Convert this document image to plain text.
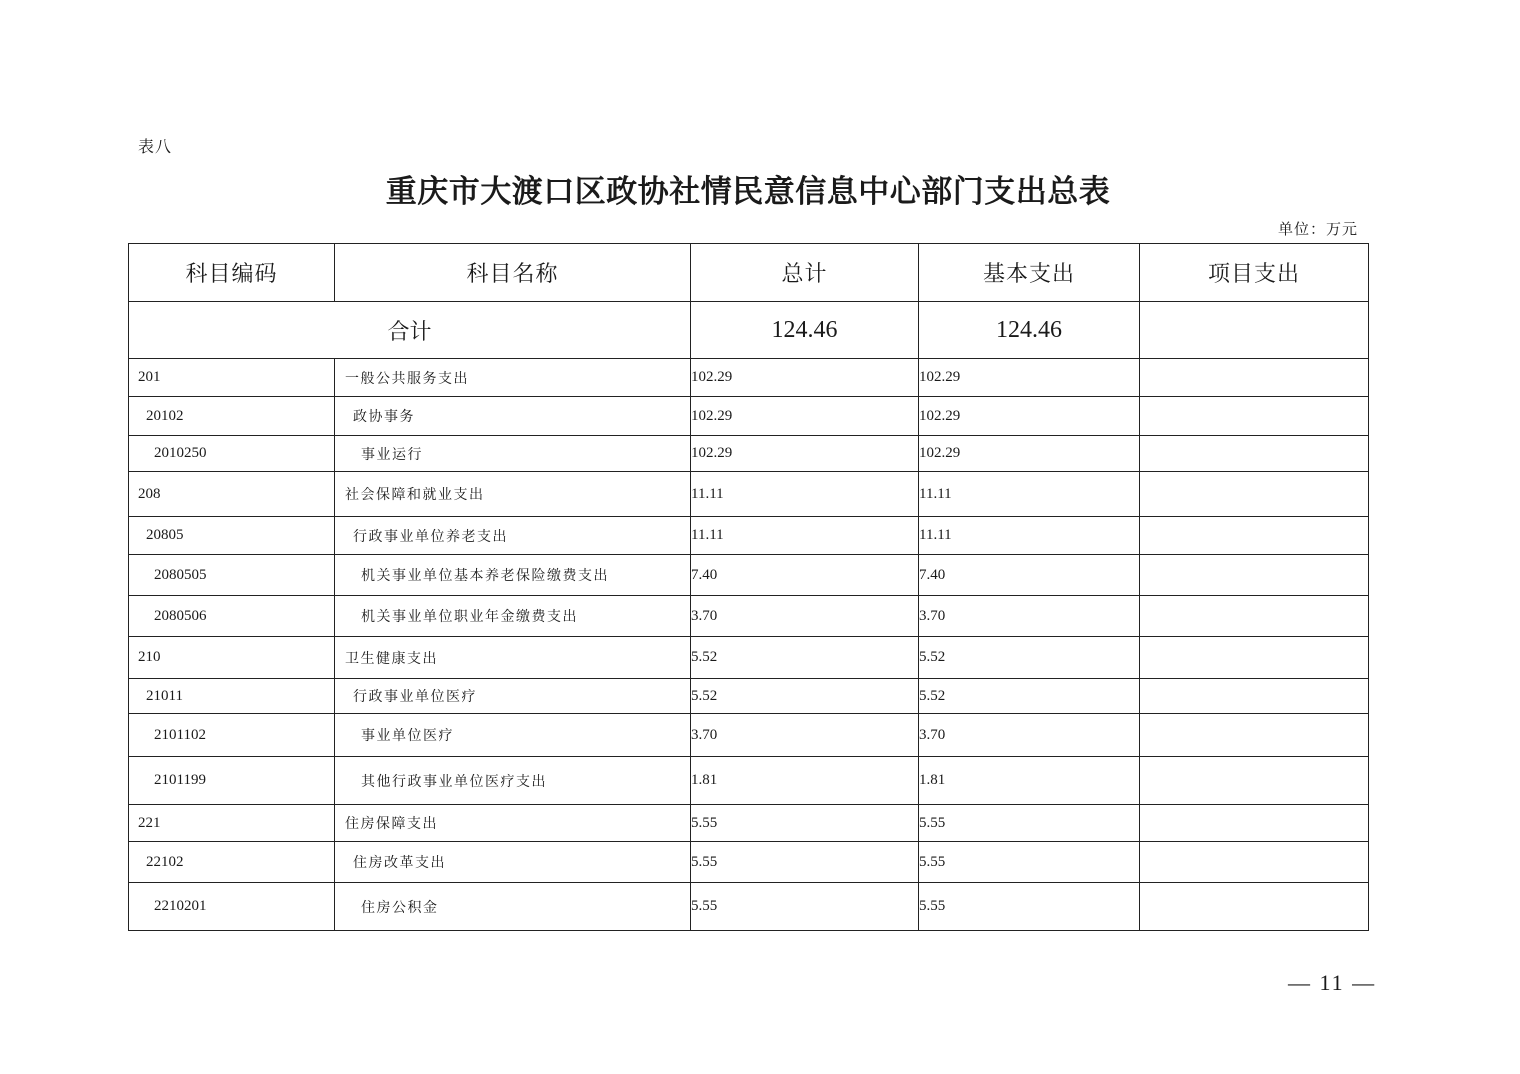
表八
重庆市大渡口区政协社情民意信息中心部门支出总表
单位：万元
科目编码	科目名称	总计	基本支出	项目支出
合计		124.46	124.46	
201	一般公共服务支出	102.29	102.29	
20102	政协事务	102.29	102.29	
2010250	事业运行	102.29	102.29	
208	社会保障和就业支出	11.11	11.11	
20805	行政事业单位养老支出	11.11	11.11	
2080505	机关事业单位基本养老保险缴费支出	7.40	7.40	
2080506	机关事业单位职业年金缴费支出	3.70	3.70	
210	卫生健康支出	5.52	5.52	
21011	行政事业单位医疗	5.52	5.52	
2101102	事业单位医疗	3.70	3.70	
2101199	其他行政事业单位医疗支出	1.81	1.81	
221	住房保障支出	5.55	5.55	
22102	住房改革支出	5.55	5.55	
2210201	住房公积金	5.55	5.55	
— 11 —
